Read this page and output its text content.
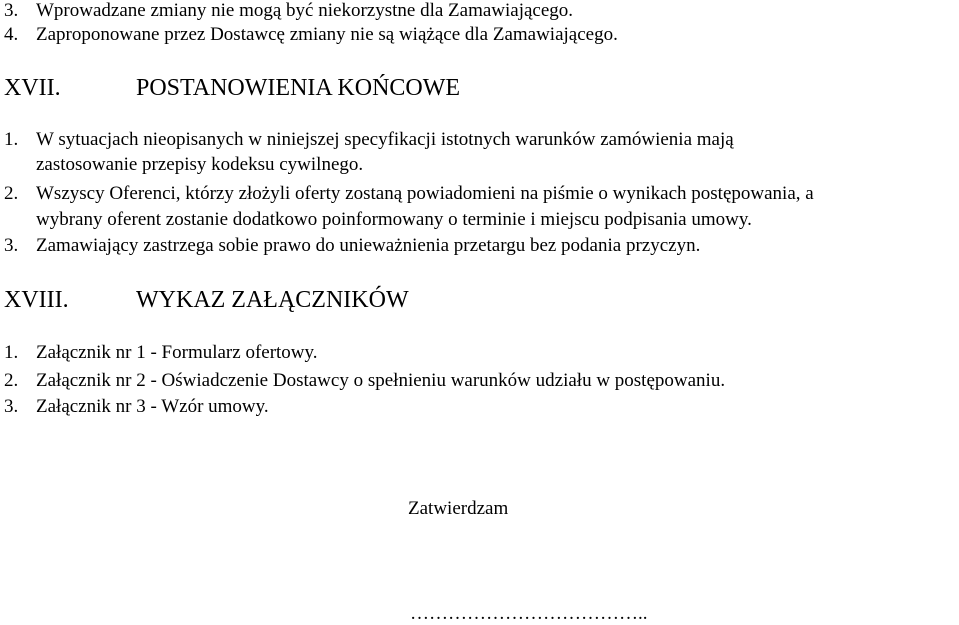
3. Wprowadzane zmiany nie mogą być niekorzystne dla Zamawiającego.
4. Zaproponowane przez Dostawcę zmiany nie są wiążące dla Zamawiającego.
XVII.	POSTANOWIENIA KOŃCOWE
1. W sytuacjach nieopisanych w niniejszej specyfikacji istotnych warunków zamówienia mają
zastosowanie przepisy kodeksu cywilnego.
2. Wszyscy Oferenci, którzy złożyli oferty zostaną powiadomieni na piśmie o wynikach postępowania, a
wybrany oferent zostanie dodatkowo poinformowany o terminie i miejscu podpisania umowy.
3. Zamawiający zastrzega sobie prawo do unieważnienia przetargu bez podania przyczyn.
XVIII.	WYKAZ ZAŁĄCZNIKÓW
1. Załącznik nr 1 - Formularz ofertowy.
2. Załącznik nr 2 - Oświadczenie Dostawcy o spełnieniu warunków udziału w postępowaniu.
3. Załącznik nr 3 - Wzór umowy.
Zatwierdzam
………………………………..
